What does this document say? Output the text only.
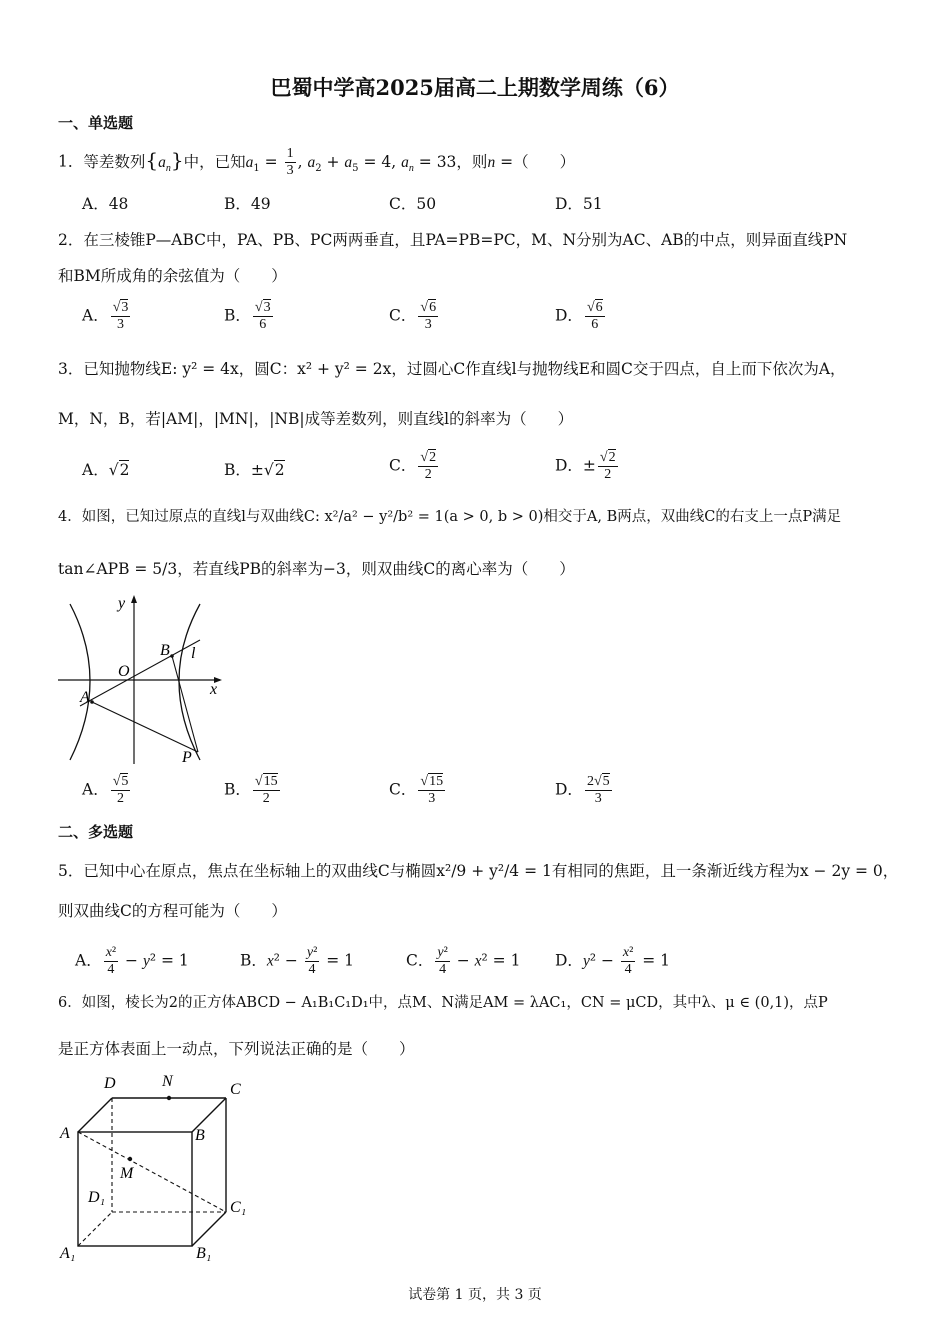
巴蜀中学高2025届高二上期数学周练（6）
一、单选题
1．等差数列$\{a_n\}$中，已知$a_1 = \frac{1}{3}$ , $a_2 + a_5 = 4$, $a_n = 33$，则n =（　　）
A．48	B．49	C．50	D．51
2．在三棱锥P—ABC中，PA、PB、PC两两垂直，且PA=PB=PC，M、N分别为AC、AB的中点，则异面直线PN
和BM所成角的余弦值为（　　）
A． $\frac{√3}{3}$	B． $\frac{√3}{6}$	C． $\frac{√6}{3}$	D． $\frac{√6}{6}$
3．已知抛物线E: y² = 4x，圆C：x² + y² = 2x，过圆心C作直线l与抛物线E和圆C交于四点，自上而下依次为A，
M，N，B，若|AM|，|MN|，|NB|成等差数列，则直线l的斜率为（　　）
A．√2	B．±√2	C． $\frac{√2}{2}$	D．± $\frac{√2}{2}$
4．如图，已知过原点的直线l与双曲线C: x²/a² − y²/b² = 1(a > 0, b > 0)相交于A, B两点，双曲线C的右支上一点P满足
tan∠APB = 5/3，若直线PB的斜率为−3，则双曲线C的离心率为（　　）
y
x
O
A
B l
P
A． $\frac{√5}{2}$	B． $\frac{√15}{2}$	C． $\frac{√15}{3}$	D． $\frac{2√5}{3}$
二、多选题
5．已知中心在原点，焦点在坐标轴上的双曲线C与椭圆x²/9 + y²/4 = 1有相同的焦距，且一条渐近线方程为x − 2y = 0，
则双曲线C的方程可能为（　　）
A． $\frac{\text{x²}}{4} - y^2 = 1$	B．$x^2 - \frac{\text{y²}}{4} = 1$	C． $\frac{\text{y²}}{4} - x^2 = 1$ D．$y^2 - \frac{\text{x²}}{4} = 1$
6．如图，棱长为2的正方体ABCD − A₁B₁C₁D₁中，点M、N满足AM = λAC₁，CN = μCD，其中λ、μ ∈ (0,1)，点P
是正方体表面上一动点，下列说法正确的是（　　）
D	N	C
A	B
M
D₁
C₁
A₁	B₁
试卷第 1 页，共 3 页
